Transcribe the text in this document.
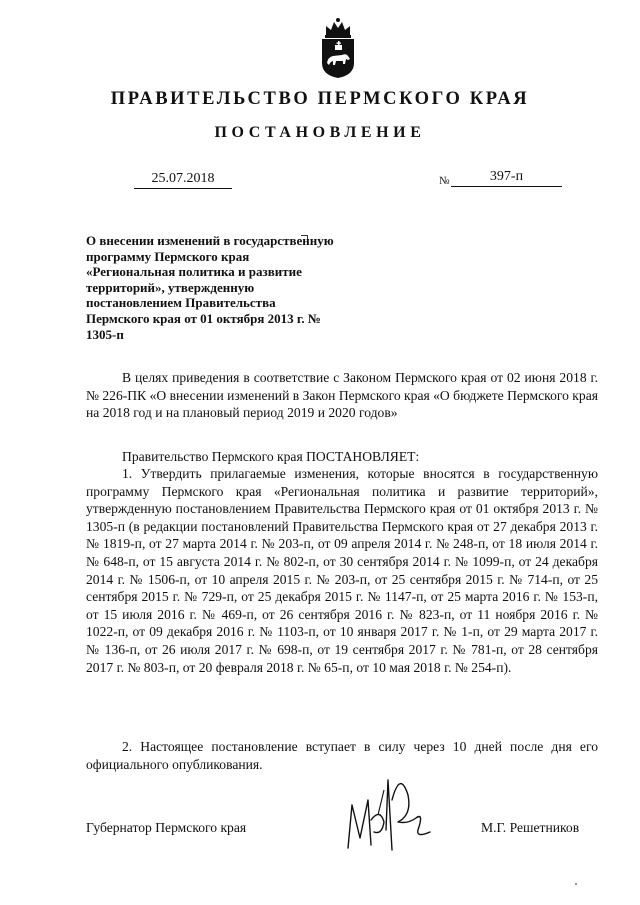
ПРАВИТЕЛЬСТВО ПЕРМСКОГО КРАЯ
ПОСТАНОВЛЕНИЕ
25.07.2018	№	397-п
О внесении изменений в государственную программу Пермского края «Региональная политика и развитие территорий», утвержденную постановлением Правительства Пермского края от 01 октября 2013 г. № 1305-п

В целях приведения в соответствие с Законом Пермского края от 02 июня 2018 г. № 226-ПК «О внесении изменений в Закон Пермского края «О бюджете Пермского края на 2018 год и на плановый период 2019 и 2020 годов»

Правительство Пермского края ПОСТАНОВЛЯЕТ:

1. Утвердить прилагаемые изменения, которые вносятся в государственную программу Пермского края «Региональная политика и развитие территорий», утвержденную постановлением Правительства Пермского края от 01 октября 2013 г. № 1305-п (в редакции постановлений Правительства Пермского края от 27 декабря 2013 г. № 1819-п, от 27 марта 2014 г. № 203-п, от 09 апреля 2014 г. № 248-п, от 18 июля 2014 г. № 648-п, от 15 августа 2014 г. № 802-п, от 30 сентября 2014 г. № 1099-п, от 24 декабря 2014 г. № 1506-п, от 10 апреля 2015 г. № 203-п, от 25 сентября 2015 г. № 714-п, от 25 сентября 2015 г. № 729-п, от 25 декабря 2015 г. № 1147-п, от 25 марта 2016 г. № 153-п, от 15 июля 2016 г. № 469-п, от 26 сентября 2016 г. № 823-п, от 11 ноября 2016 г. № 1022-п, от 09 декабря 2016 г. № 1103-п, от 10 января 2017 г. № 1-п, от 29 марта 2017 г. № 136-п, от 26 июля 2017 г. № 698-п, от 19 сентября 2017 г. № 781-п, от 28 сентября 2017 г. № 803-п, от 20 февраля 2018 г. № 65-п, от 10 мая 2018 г. № 254-п).

2. Настоящее постановление вступает в силу через 10 дней после дня его официального опубликования.

Губернатор Пермского края	М.Г. Решетников
